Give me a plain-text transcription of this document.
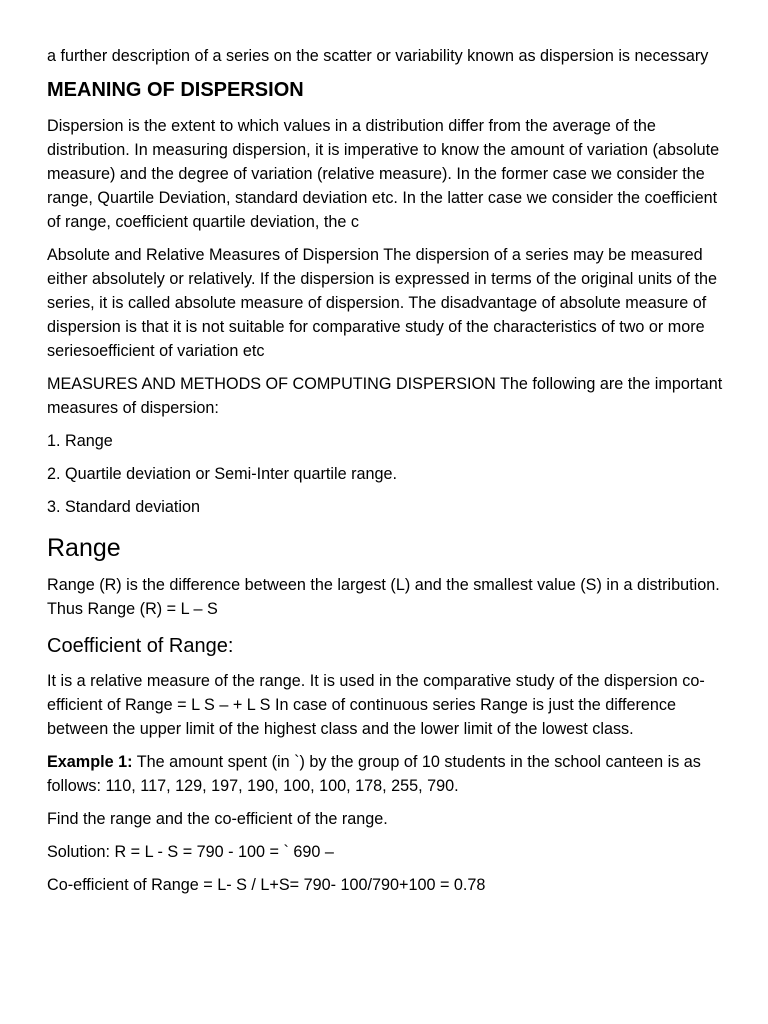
a further description of a series on the scatter or variability known as dispersion is necessary

MEANING OF DISPERSION

Dispersion is the extent to which values in a distribution differ from the average of the distribution. In measuring dispersion, it is imperative to know the amount of variation (absolute measure) and the degree of variation (relative measure). In the former case we consider the range, Quartile Deviation, standard deviation etc. In the latter case we consider the coefficient of range, coefficient quartile deviation, the c

Absolute and Relative Measures of Dispersion The dispersion of a series may be measured either absolutely or relatively. If the dispersion is expressed in terms of the original units of the series, it is called absolute measure of dispersion. The disadvantage of absolute measure of dispersion is that it is not suitable for comparative study of the characteristics of two or more seriesoefficient of variation etc

MEASURES AND METHODS OF COMPUTING DISPERSION The following are the important measures of dispersion:

1. Range

2. Quartile deviation or Semi-Inter quartile range.

3. Standard deviation

Range

Range (R) is the difference between the largest (L) and the smallest value (S) in a distribution. Thus Range (R) = L – S

Coefficient of Range:

It is a relative measure of the range. It is used in the comparative study of the dispersion co-efficient of Range = L S – + L S In case of continuous series Range is just the difference between the upper limit of the highest class and the lower limit of the lowest class.

Example 1: The amount spent (in `) by the group of 10 students in the school canteen is as follows: 110, 117, 129, 197, 190, 100, 100, 178, 255, 790.

Find the range and the co-efficient of the range.

Solution: R = L - S = 790 - 100 = ` 690 –

Co-efficient of Range = L- S / L+S= 790- 100/790+100 = 0.78
